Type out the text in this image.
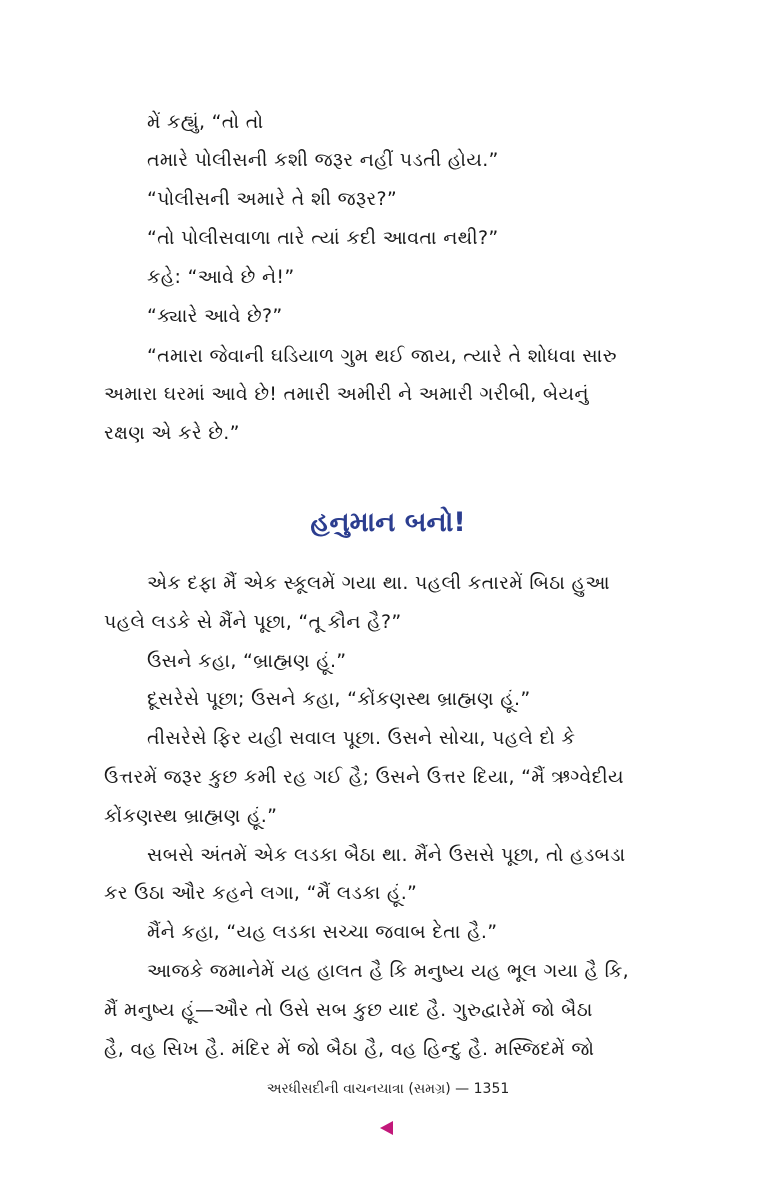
મેં કહ્યું, “તો તો
તમારે પોલીસની કશી જરૂર નહીં પડતી હોય.”
“પોલીસની અમારે તે શી જરૂર?”
“તો પોલીસવાળા તારે ત્યાં કદી આવતા નથી?”
કહે: “આવે છે ને!”
“ક્યારે આવે છે?”
“તમારા જેવાની ઘડિયાળ ગુમ થઈ જાય, ત્યારે તે શોધવા સારુ
અમારા ઘરમાં આવે છે! તમારી અમીરી ને અમારી ગરીબી, બેયનું
રક્ષણ એ કરે છે.”
હનુમાન બનો!
એક દફા મૈં એક સ્કૂલમેં ગયા થા. પહલી કતારમેં બિઠા હુઆ
પહલે લડકે સે મૈંને પૂછા, “તૂ કૌન હૈ?”
ઉસને કહા, “બ્રાહ્મણ હૂં.”
દૂસરેસે પૂછા; ઉસને કહા, “કોંકણસ્થ બ્રાહ્મણ હૂં.”
તીસરેસે ફિર યહી સવાલ પૂછા. ઉસને સોચા, પહલે દો કે
ઉત્તરમેં જરૂર કુછ કમી રહ ગઈ હૈ; ઉસને ઉત્તર દિયા, “મૈં ઋગ્વેદીય
કોંકણસ્થ બ્રાહ્મણ હૂં.”
સબસે અંતમેં એક લડકા બૈઠા થા. મૈંને ઉસસે પૂછા, તો હડબડા
કર ઉઠા ઔર કહને લગા, “મૈં લડકા હૂં.”
મૈંને કહા, “યહ લડકા સચ્ચા જવાબ દેતા હૈ.”
આજકે જમાનેમેં યહ હાલત હૈ કિ મનુષ્ય યહ ભૂલ ગયા હૈ કિ,
મૈં મનુષ્ય હૂં—ઔર તો ઉસે સબ કુછ યાદ હૈ. ગુરુદ્વારેમેં જો બૈઠા
હૈ, વહ સિખ હૈ. મંદિર મેં જો બૈઠા હૈ, વહ હિન્દુ હૈ. મસ્જિદમેં જો
અરધીસદીની વાચનયાત્રા (સમગ્ર) — 1351
